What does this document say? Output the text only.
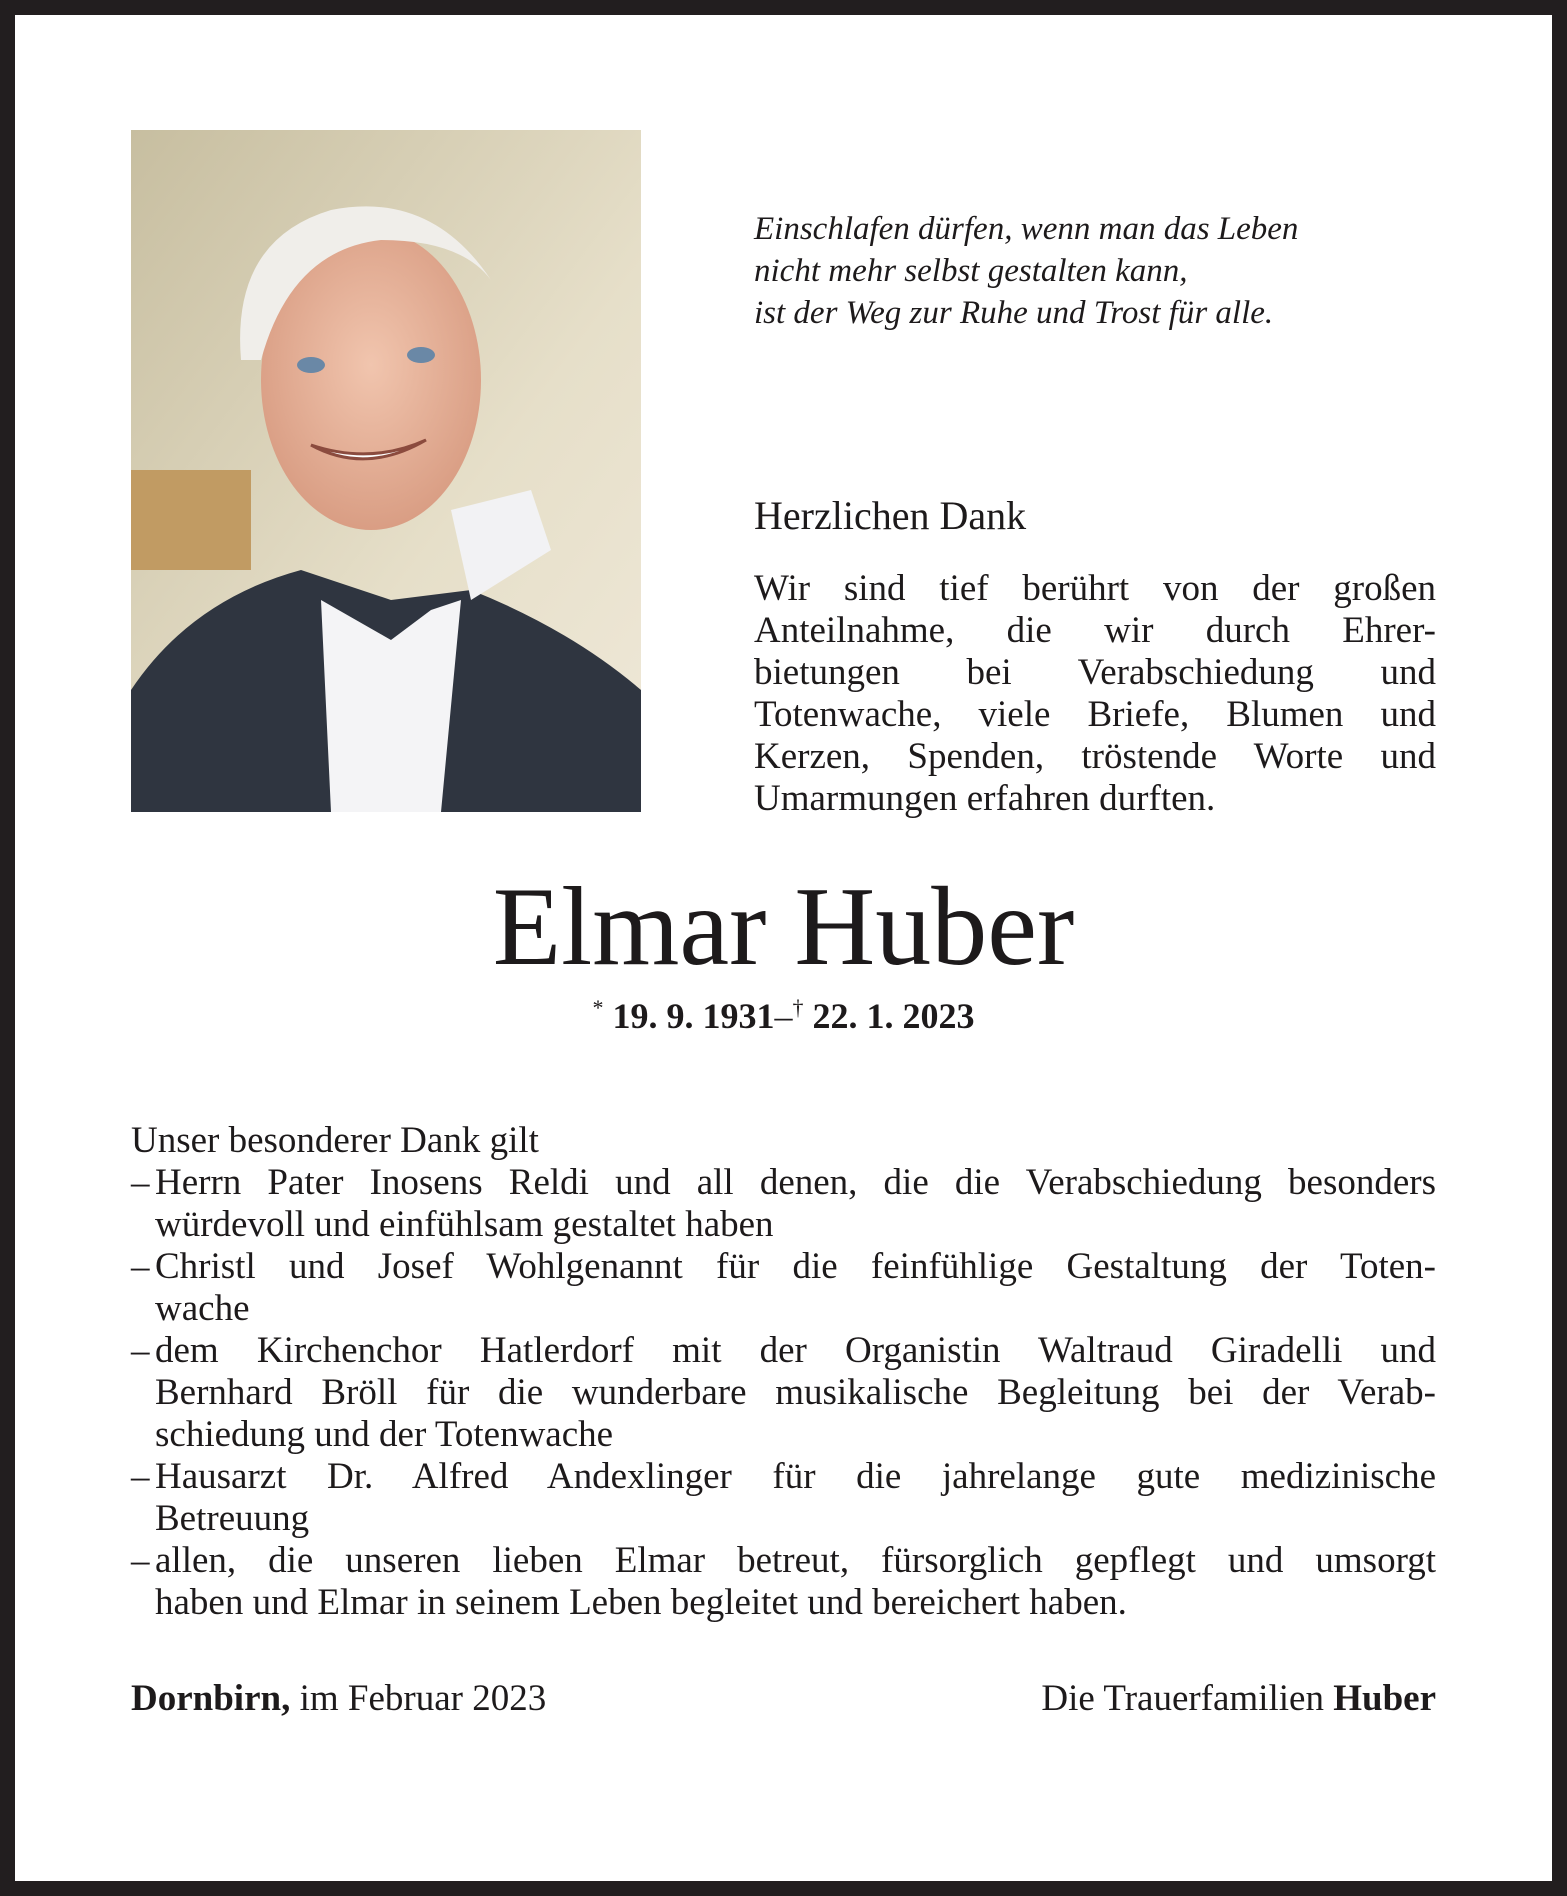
Einschlafen dürfen, wenn man das Leben
nicht mehr selbst gestalten kann,
ist der Weg zur Ruhe und Trost für alle.
Herzlichen Dank
Wir sind tief berührt von der großen
Anteilnahme, die wir durch Ehrer-
bietungen bei Verabschiedung und
Totenwache, viele Briefe, Blumen und
Kerzen, Spenden, tröstende Worte und
Umarmungen erfahren durften.
Elmar Huber
* 19. 9. 1931–† 22. 1. 2023
Unser besonderer Dank gilt
– Herrn Pater Inosens Reldi und all denen, die die Verabschiedung besonders
würdevoll und einfühlsam gestaltet haben
– Christl und Josef Wohlgenannt für die feinfühlige Gestaltung der Toten-
wache
– dem Kirchenchor Hatlerdorf mit der Organistin Waltraud Giradelli und
Bernhard Bröll für die wunderbare musikalische Begleitung bei der Verab-
schiedung und der Totenwache
– Hausarzt Dr. Alfred Andexlinger für die jahrelange gute medizinische
Betreuung
– allen, die unseren lieben Elmar betreut, fürsorglich gepflegt und umsorgt
haben und Elmar in seinem Leben begleitet und bereichert haben.
Dornbirn, im Februar 2023	Die Trauerfamilien Huber
